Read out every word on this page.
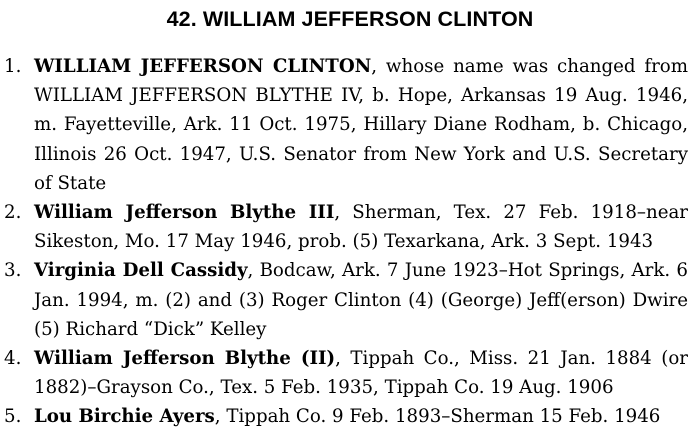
42. WILLIAM JEFFERSON CLINTON
1. WILLIAM JEFFERSON CLINTON, whose name was changed from WILLIAM JEFFERSON BLYTHE IV, b. Hope, Arkansas 19 Aug. 1946, m. Fayetteville, Ark. 11 Oct. 1975, Hillary Diane Rodham, b. Chicago, Illinois 26 Oct. 1947, U.S. Senator from New York and U.S. Secretary of State
2. William Jefferson Blythe III, Sherman, Tex. 27 Feb. 1918–near Sikeston, Mo. 17 May 1946, prob. (5) Texarkana, Ark. 3 Sept. 1943
3. Virginia Dell Cassidy, Bodcaw, Ark. 7 June 1923–Hot Springs, Ark. 6 Jan. 1994, m. (2) and (3) Roger Clinton (4) (George) Jeff(erson) Dwire (5) Richard “Dick” Kelley
4. William Jefferson Blythe (II), Tippah Co., Miss. 21 Jan. 1884 (or 1882)–Grayson Co., Tex. 5 Feb. 1935, Tippah Co. 19 Aug. 1906
5. Lou Birchie Ayers, Tippah Co. 9 Feb. 1893–Sherman 15 Feb. 1946
